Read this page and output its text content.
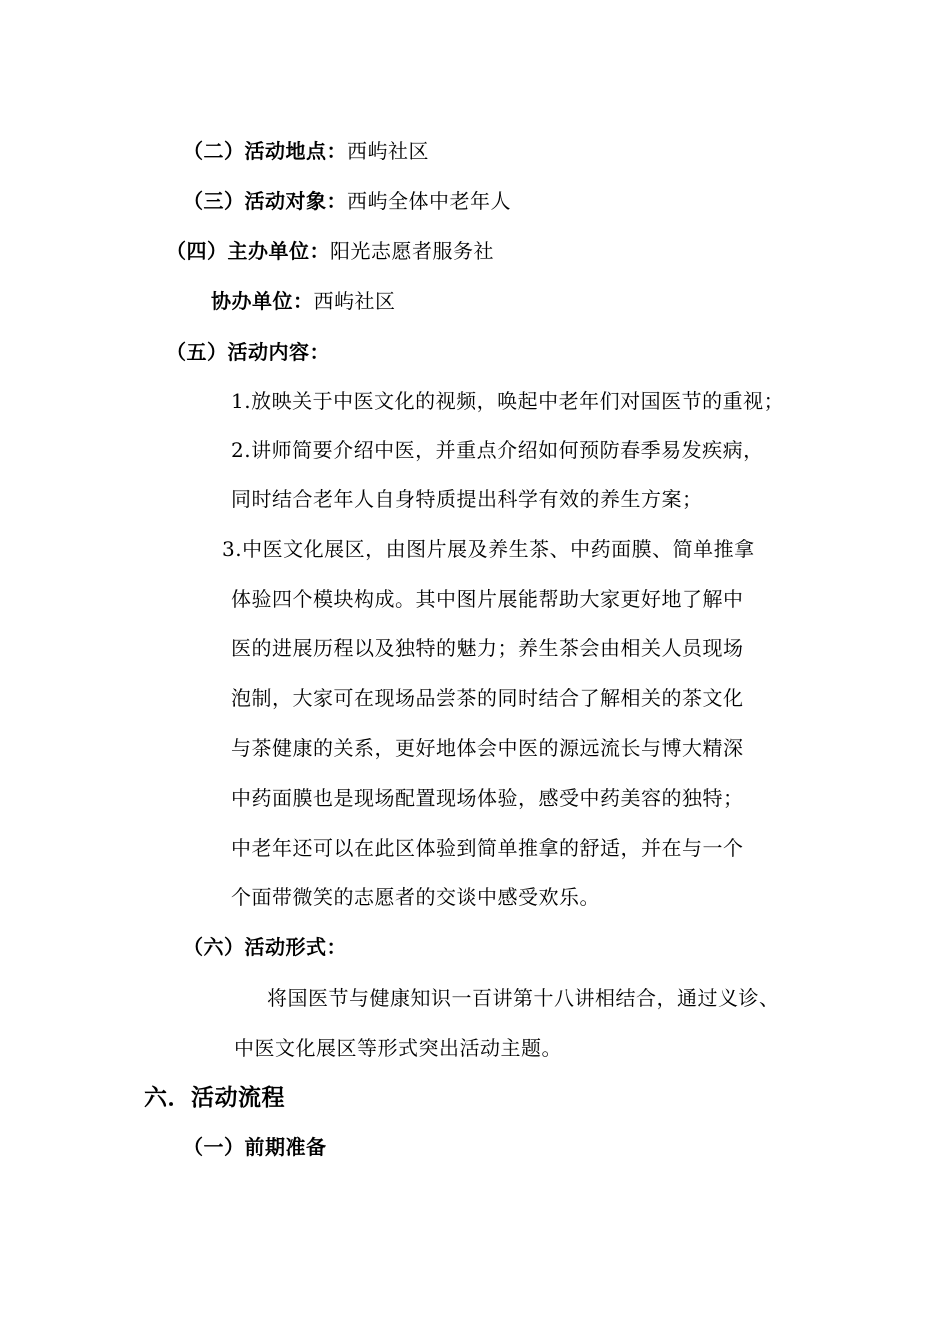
（二）活动地点：西屿社区
（三）活动对象：西屿全体中老年人
（四）主办单位：阳光志愿者服务社
协办单位：西屿社区
（五）活动内容：
1.放映关于中医文化的视频，唤起中老年们对国医节的重视；
2.讲师简要介绍中医，并重点介绍如何预防春季易发疾病，
同时结合老年人自身特质提出科学有效的养生方案；
3.中医文化展区，由图片展及养生茶、中药面膜、简单推拿
体验四个模块构成。其中图片展能帮助大家更好地了解中
医的进展历程以及独特的魅力；养生茶会由相关人员现场
泡制，大家可在现场品尝茶的同时结合了解相关的茶文化
与茶健康的关系，更好地体会中医的源远流长与博大精深
中药面膜也是现场配置现场体验，感受中药美容的独特；
中老年还可以在此区体验到简单推拿的舒适，并在与一个
个面带微笑的志愿者的交谈中感受欢乐。
（六）活动形式：
将国医节与健康知识一百讲第十八讲相结合，通过义诊、
中医文化展区等形式突出活动主题。
六．活动流程
（一）前期准备
